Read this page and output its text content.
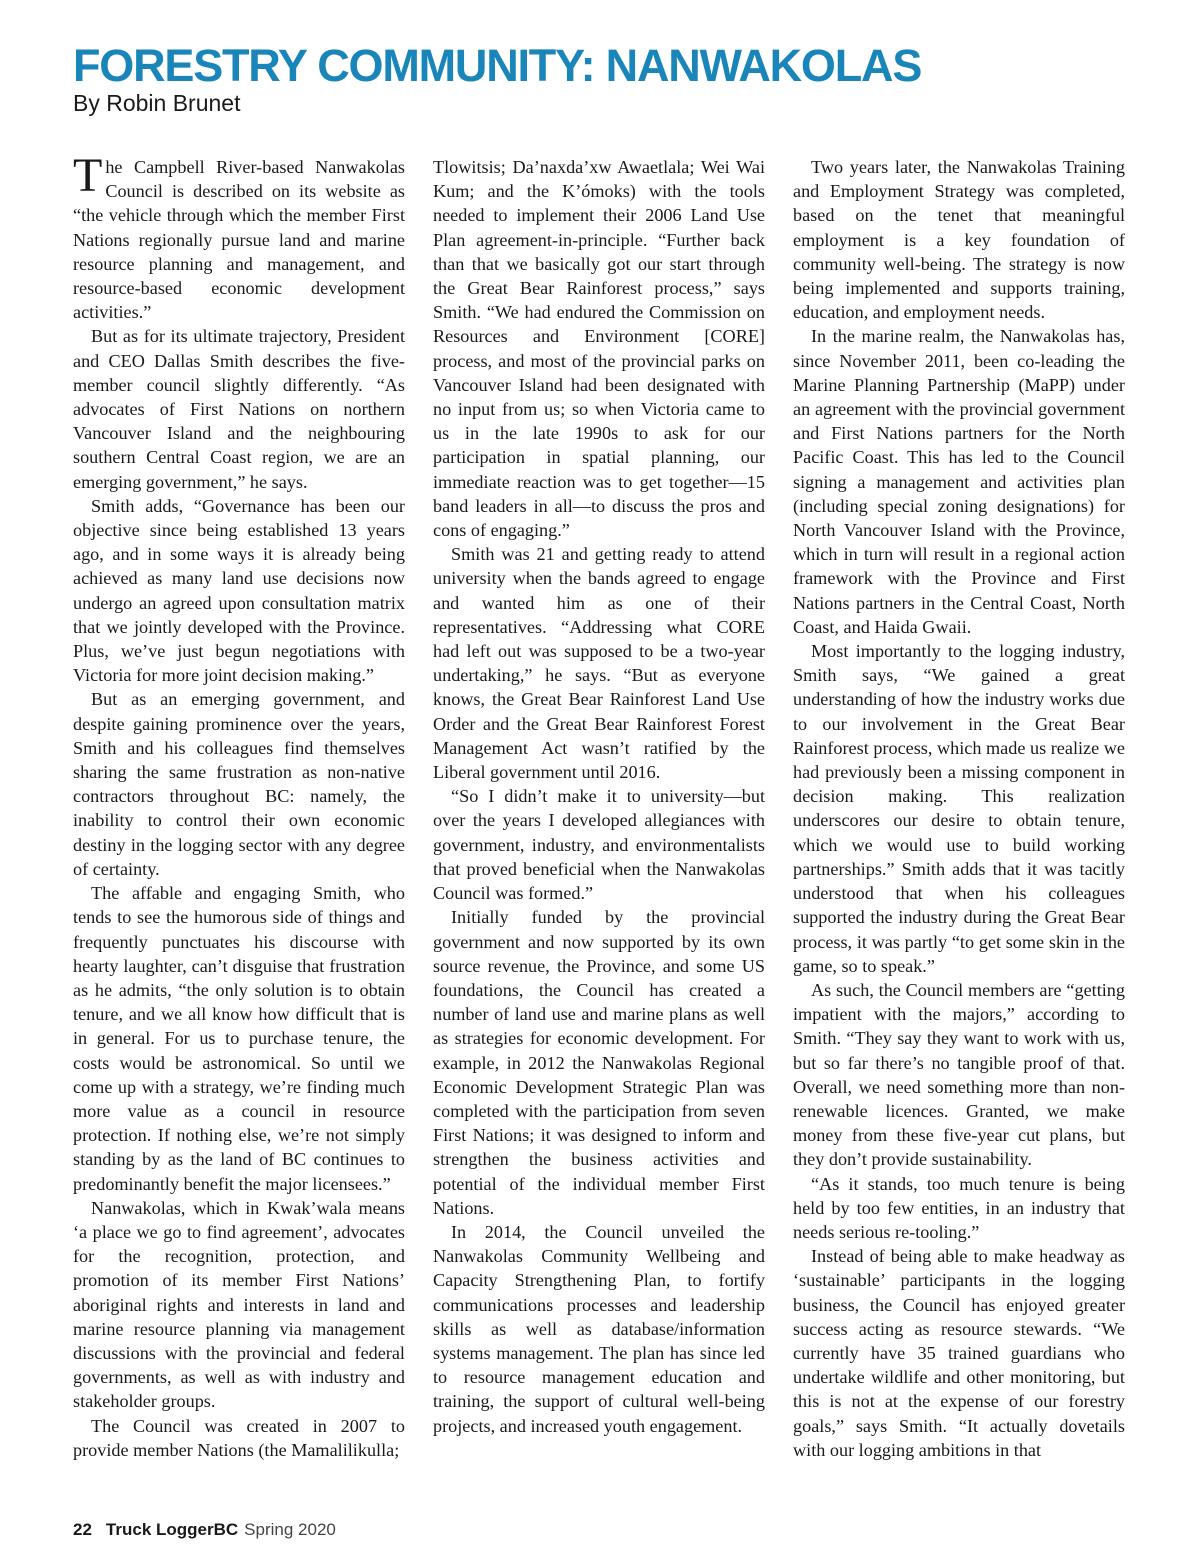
FORESTRY COMMUNITY: NANWAKOLAS
By Robin Brunet

The Campbell River-based Nanwakolas Council is described on its website as “the vehicle through which the member First Nations regionally pursue land and marine resource planning and management, and resource-based economic development activities.”

But as for its ultimate trajectory, President and CEO Dallas Smith describes the five-member council slightly differently. “As advocates of First Nations on northern Vancouver Island and the neighbouring southern Central Coast region, we are an emerging government,” he says.

Smith adds, “Governance has been our objective since being established 13 years ago, and in some ways it is already being achieved as many land use decisions now undergo an agreed upon consultation matrix that we jointly developed with the Province. Plus, we’ve just begun negotiations with Victoria for more joint decision making.”

But as an emerging government, and despite gaining prominence over the years, Smith and his colleagues find themselves sharing the same frustration as non-native contractors throughout BC: namely, the inability to control their own economic destiny in the logging sector with any degree of certainty.

The affable and engaging Smith, who tends to see the humorous side of things and frequently punctuates his discourse with hearty laughter, can’t disguise that frustration as he admits, “the only solution is to obtain tenure, and we all know how difficult that is in general. For us to purchase tenure, the costs would be astronomical. So until we come up with a strategy, we’re finding much more value as a council in resource protection. If nothing else, we’re not simply standing by as the land of BC continues to predominantly benefit the major licensees.”

Nanwakolas, which in Kwak’wala means ‘a place we go to find agreement’, advocates for the recognition, protection, and promotion of its member First Nations’ aboriginal rights and interests in land and marine resource planning via management discussions with the provincial and federal governments, as well as with industry and stakeholder groups.

The Council was created in 2007 to provide member Nations (the Mamalilikulla;

Tlowitsis; Da’naxda’xw Awaetlala; Wei Wai Kum; and the K’ómoks) with the tools needed to implement their 2006 Land Use Plan agreement-in-principle. “Further back than that we basically got our start through the Great Bear Rainforest process,” says Smith. “We had endured the Commission on Resources and Environment [CORE] process, and most of the provincial parks on Vancouver Island had been designated with no input from us; so when Victoria came to us in the late 1990s to ask for our participation in spatial planning, our immediate reaction was to get together—15 band leaders in all—to discuss the pros and cons of engaging.”

Smith was 21 and getting ready to attend university when the bands agreed to engage and wanted him as one of their representatives. “Addressing what CORE had left out was supposed to be a two-year undertaking,” he says. “But as everyone knows, the Great Bear Rainforest Land Use Order and the Great Bear Rainforest Forest Management Act wasn’t ratified by the Liberal government until 2016.

“So I didn’t make it to university—but over the years I developed allegiances with government, industry, and environmentalists that proved beneficial when the Nanwakolas Council was formed.”

Initially funded by the provincial government and now supported by its own source revenue, the Province, and some US foundations, the Council has created a number of land use and marine plans as well as strategies for economic development. For example, in 2012 the Nanwakolas Regional Economic Development Strategic Plan was completed with the participation from seven First Nations; it was designed to inform and strengthen the business activities and potential of the individual member First Nations.

In 2014, the Council unveiled the Nanwakolas Community Wellbeing and Capacity Strengthening Plan, to fortify communications processes and leadership skills as well as database/information systems management. The plan has since led to resource management education and training, the support of cultural well-being projects, and increased youth engagement.

Two years later, the Nanwakolas Training and Employment Strategy was completed, based on the tenet that meaningful employment is a key foundation of community well-being. The strategy is now being implemented and supports training, education, and employment needs.

In the marine realm, the Nanwakolas has, since November 2011, been co-leading the Marine Planning Partnership (MaPP) under an agreement with the provincial government and First Nations partners for the North Pacific Coast. This has led to the Council signing a management and activities plan (including special zoning designations) for North Vancouver Island with the Province, which in turn will result in a regional action framework with the Province and First Nations partners in the Central Coast, North Coast, and Haida Gwaii.

Most importantly to the logging industry, Smith says, “We gained a great understanding of how the industry works due to our involvement in the Great Bear Rainforest process, which made us realize we had previously been a missing component in decision making. This realization underscores our desire to obtain tenure, which we would use to build working partnerships.” Smith adds that it was tacitly understood that when his colleagues supported the industry during the Great Bear process, it was partly “to get some skin in the game, so to speak.”

As such, the Council members are “getting impatient with the majors,” according to Smith. “They say they want to work with us, but so far there’s no tangible proof of that. Overall, we need something more than non-renewable licences. Granted, we make money from these five-year cut plans, but they don’t provide sustainability.

“As it stands, too much tenure is being held by too few entities, in an industry that needs serious re-tooling.”

Instead of being able to make headway as ‘sustainable’ participants in the logging business, the Council has enjoyed greater success acting as resource stewards. “We currently have 35 trained guardians who undertake wildlife and other monitoring, but this is not at the expense of our forestry goals,” says Smith. “It actually dovetails with our logging ambitions in that

22 Truck LoggerBC Spring 2020
